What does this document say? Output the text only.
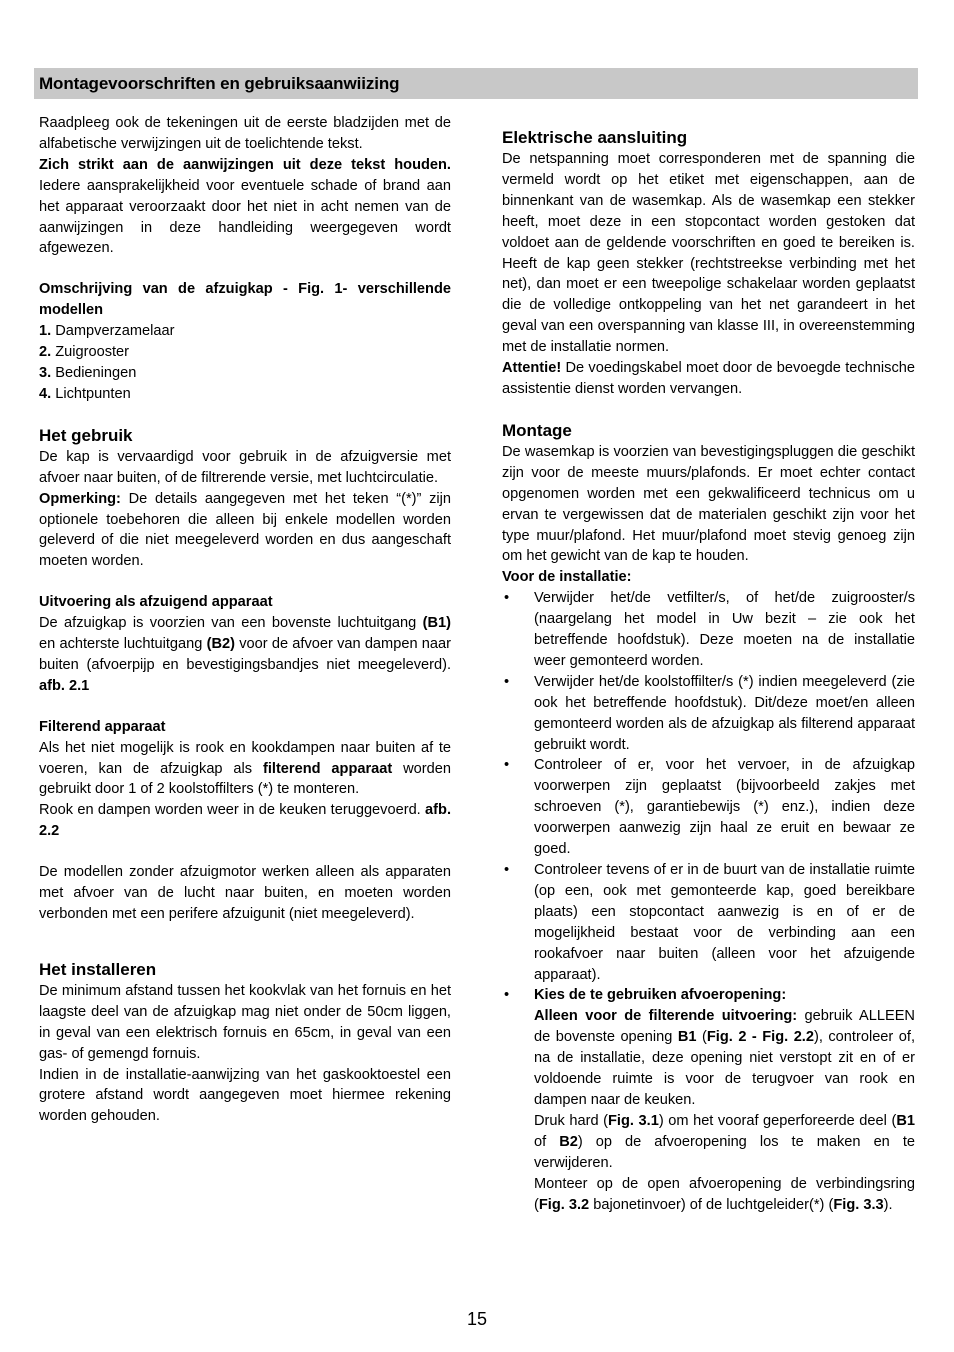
Montagevoorschriften en gebruiksaanwiizing

Raadpleeg ook de tekeningen uit de eerste bladzijden met de alfabetische verwijzingen uit de toelichtende tekst.

Zich strikt aan de aanwijzingen uit deze tekst houden. Iedere aansprakelijkheid voor eventuele schade of brand aan het apparaat veroorzaakt door het niet in acht nemen van de aanwijzingen in deze handleiding weergegeven wordt afgewezen.

Omschrijving van de afzuigkap - Fig. 1- verschillende modellen

1. Dampverzamelaar

2. Zuigrooster

3. Bedieningen

4. Lichtpunten

Het gebruik

De kap is vervaardigd voor gebruik in de afzuigversie met afvoer naar buiten, of de filtrerende versie, met luchtcirculatie.

Opmerking: De details aangegeven met het teken “(*)” zijn optionele toebehoren die alleen bij enkele modellen worden geleverd of die niet meegeleverd worden en dus aangeschaft moeten worden.

Uitvoering als afzuigend apparaat

De afzuigkap is voorzien van een bovenste luchtuitgang (B1) en achterste luchtuitgang (B2) voor de afvoer van dampen naar buiten (afvoerpijp en bevestigingsbandjes niet meegeleverd). afb. 2.1

Filterend apparaat

Als het niet mogelijk is rook en kookdampen naar buiten af te voeren, kan de afzuigkap als filterend apparaat worden gebruikt door 1 of 2 koolstoffilters (*) te monteren.

Rook en dampen worden weer in de keuken teruggevoerd. afb. 2.2

De modellen zonder afzuigmotor werken alleen als apparaten met afvoer van de lucht naar buiten, en moeten worden verbonden met een perifere afzuigunit (niet meegeleverd).

Het installeren

De minimum afstand tussen het kookvlak van het fornuis en het laagste deel van de afzuigkap mag niet onder de 50cm liggen, in geval van een elektrisch fornuis en 65cm, in geval van een gas- of gemengd fornuis.

Indien in de installatie-aanwijzing van het gaskooktoestel een grotere afstand wordt aangegeven moet hiermee rekening worden gehouden.

Elektrische aansluiting

De netspanning moet corresponderen met de spanning die vermeld wordt op het etiket met eigenschappen, aan de binnenkant van de wasemkap. Als de wasemkap een stekker heeft, moet deze in een stopcontact worden gestoken dat voldoet aan de geldende voorschriften en goed te bereiken is. Heeft de kap geen stekker (rechtstreekse verbinding met het net), dan moet er een tweepolige schakelaar worden geplaatst die de volledige ontkoppeling van het net garandeert in het geval van een overspanning van klasse III, in overeenstemming met de installatie normen.

Attentie! De voedingskabel moet door de bevoegde technische assistentie dienst worden vervangen.

Montage

De wasemkap is voorzien van bevestigingspluggen die geschikt zijn voor de meeste muurs/plafonds. Er moet echter contact opgenomen worden met een gekwalificeerd technicus om u ervan te vergewissen dat de materialen geschikt zijn voor het type muur/plafond. Het muur/plafond moet stevig genoeg zijn om het gewicht van de kap te houden.

Voor de installatie:

• Verwijder het/de vetfilter/s, of het/de zuigrooster/s (naargelang het model in Uw bezit – zie ook het betreffende hoofdstuk). Deze moeten na de installatie weer gemonteerd worden.
• Verwijder het/de koolstoffilter/s (*) indien meegeleverd (zie ook het betreffende hoofdstuk). Dit/deze moet/en alleen gemonteerd worden als de afzuigkap als filterend apparaat gebruikt wordt.
• Controleer of er, voor het vervoer, in de afzuigkap voorwerpen zijn geplaatst (bijvoorbeeld zakjes met schroeven (*), garantiebewijs (*) enz.), indien deze voorwerpen aanwezig zijn haal ze eruit en bewaar ze goed.
• Controleer tevens of er in de buurt van de installatie ruimte (op een, ook met gemonteerde kap, goed bereikbare plaats) een stopcontact aanwezig is en of er de mogelijkheid bestaat voor de verbinding aan een rookafvoer naar buiten (alleen voor het afzuigende apparaat).

• Kies de te gebruiken afvoeropening:

Alleen voor de filterende uitvoering: gebruik ALLEEN de bovenste opening B1 (Fig. 2 - Fig. 2.2), controleer of, na de installatie, deze opening niet verstopt zit en of er voldoende ruimte is voor de terugvoer van rook en dampen naar de keuken.

Druk hard (Fig. 3.1) om het vooraf geperforeerde deel (B1 of B2) op de afvoeropening los te maken en te verwijderen.

Monteer op de open afvoeropening de verbindingsring (Fig. 3.2 bajonetinvoer) of de luchtgeleider(*) (Fig. 3.3).

15
